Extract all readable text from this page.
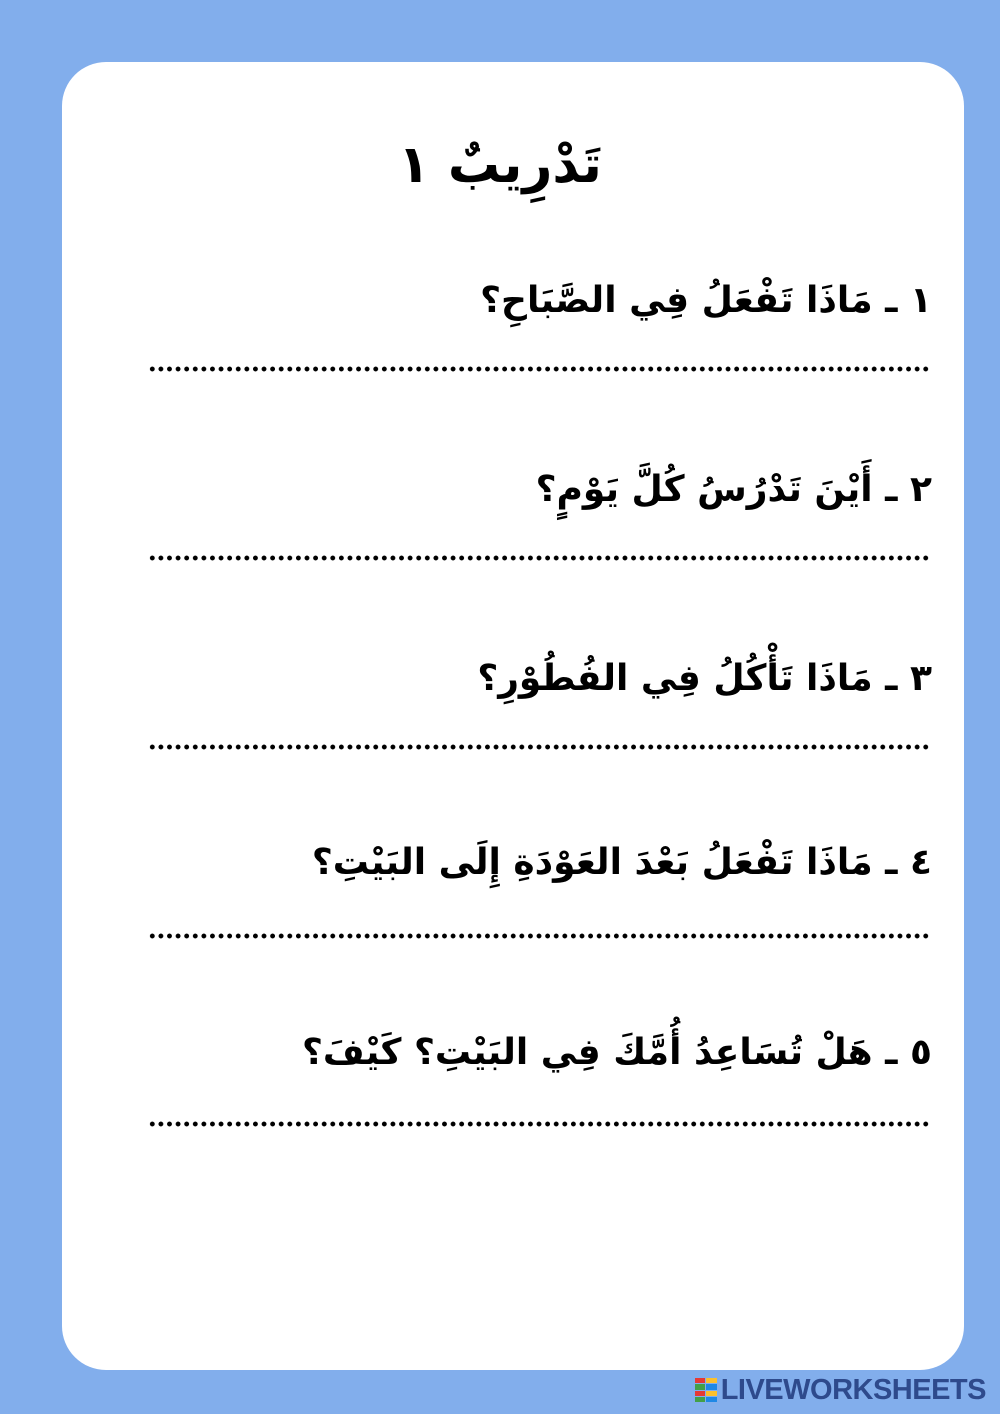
تَدْرِيبٌ ١
١ ـ مَاذَا تَفْعَلُ فِي الصَّبَاحِ؟
٢ ـ أَيْنَ تَدْرُسُ كُلَّ يَوْمٍ؟
٣ ـ مَاذَا تَأْكُلُ فِي الفُطُوْرِ؟
٤ ـ مَاذَا تَفْعَلُ بَعْدَ العَوْدَةِ إِلَى البَيْتِ؟
٥ ـ هَلْ تُسَاعِدُ أُمَّكَ فِي البَيْتِ؟ كَيْفَ؟
LIVEWORKSHEETS
